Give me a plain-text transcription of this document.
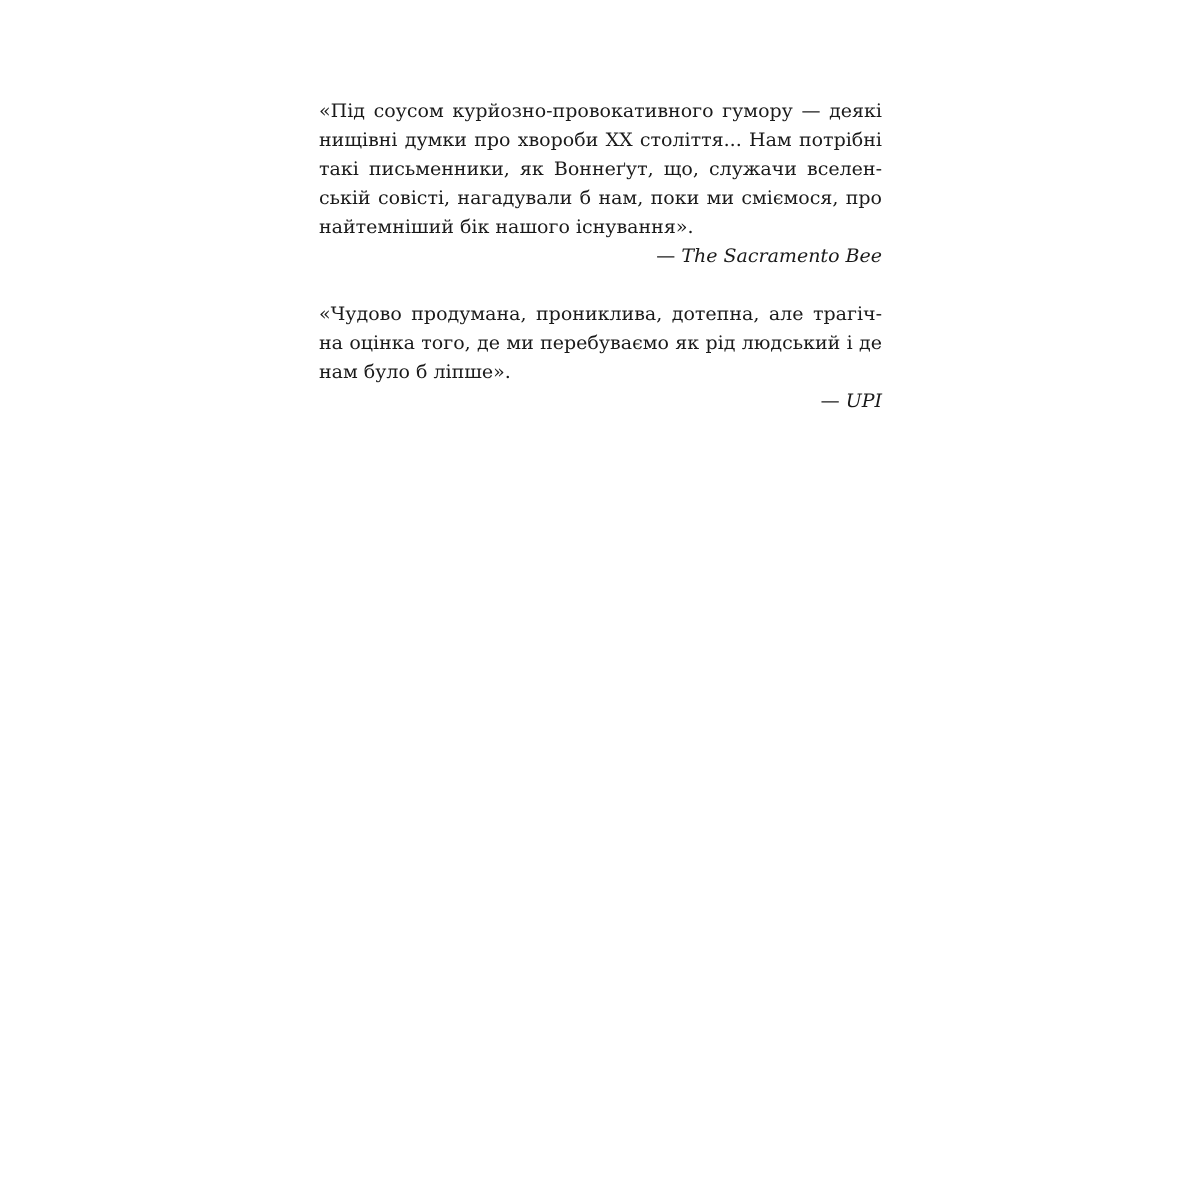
«Під соусом курйозно-провокативного гумору — деякі
нищівні думки про хвороби XX століття... Нам потрібні
такі письменники, як Воннеґут, що, служачи вселен-
ській совісті, нагадували б нам, поки ми сміємося, про
найтемніший бік нашого існування».
— The Sacramento Bee

«Чудово продумана, прониклива, дотепна, але трагіч-
на оцінка того, де ми перебуваємо як рід людський і де
нам було б ліпше».
— UPI
